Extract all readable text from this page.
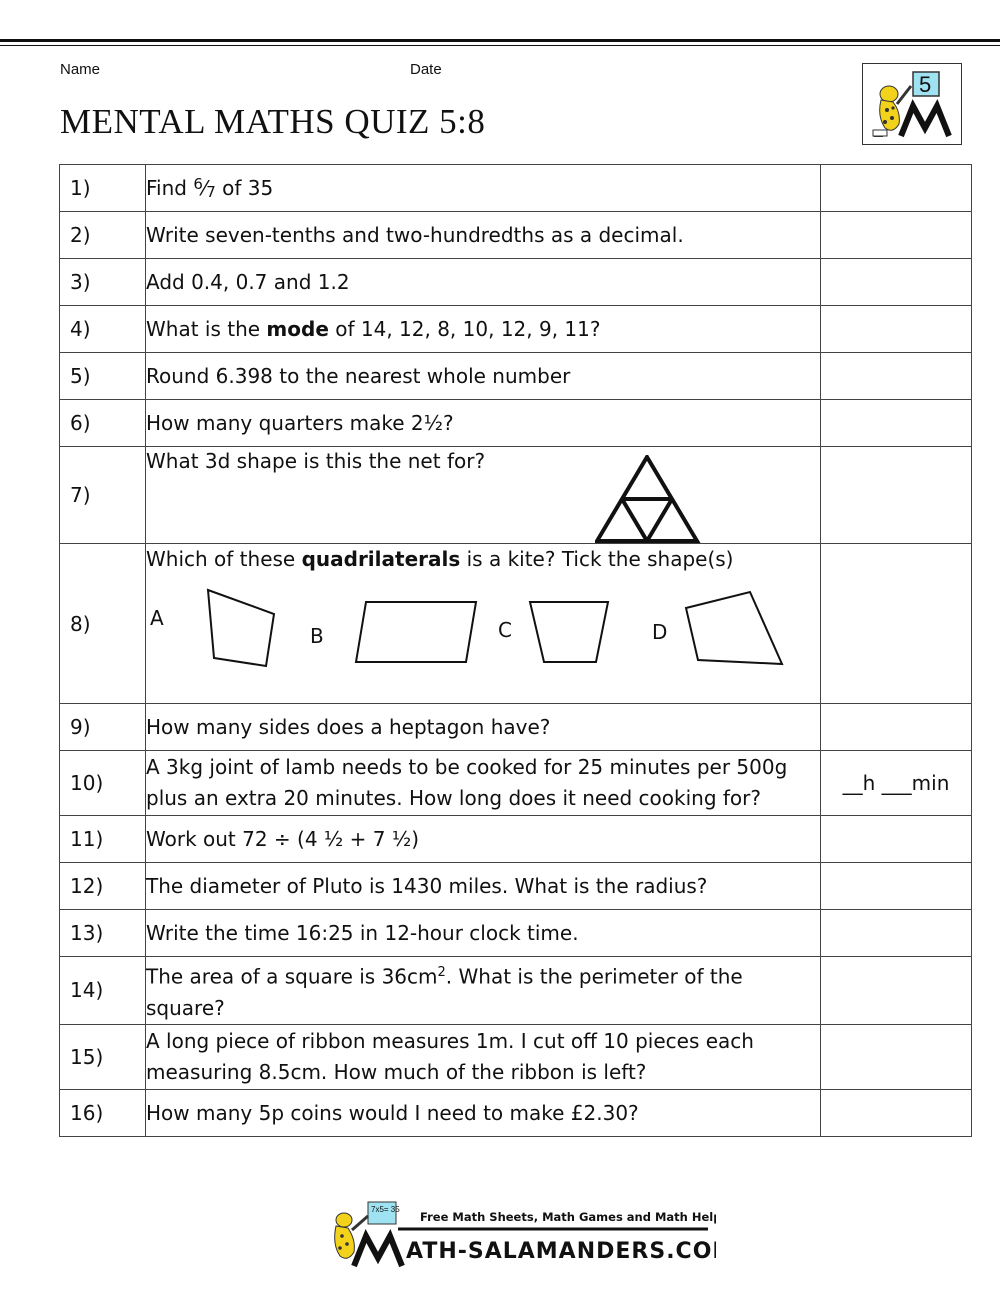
Name	Date
MENTAL MATHS QUIZ 5:8
5
1)	Find $^6$⁄7 of 35	
2)	Write seven-tenths and two-hundredths as a decimal.	
3)	Add 0.4, 0.7 and 1.2	
4)	What is the mode of 14, 12, 8, 10, 12, 9, 11?	
5)	Round 6.398 to the nearest whole number	
6)	How many quarters make 2½?	
7)	What 3d shape is this the net for?	

8)	Which of these quadrilaterals is a kite? Tick the shape(s)
A
B C D	

9)	How many sides does a heptagon have?	
10)	A 3kg joint of lamb needs to be cooked for 25 minutes per 500g
plus an extra 20 minutes. How long does it need cooking for?	__h ___min
11)	Work out 72 ÷ (4 ½ + 7 ½)	
12)	The diameter of Pluto is 1430 miles. What is the radius?	
13)	Write the time 16:25 in 12-hour clock time.	
14)	The area of a square is $36cm^2$. What is the perimeter of the
square?	

15)	A long piece of ribbon measures 1m. I cut off 10 pieces each
measuring 8.5cm. How much of the ribbon is left?	

16)	How many 5p coins would I need to make £2.30?	
7x5= 35
Free Math Sheets, Math Games and Math Help
ATH-SALAMANDERS.COM
